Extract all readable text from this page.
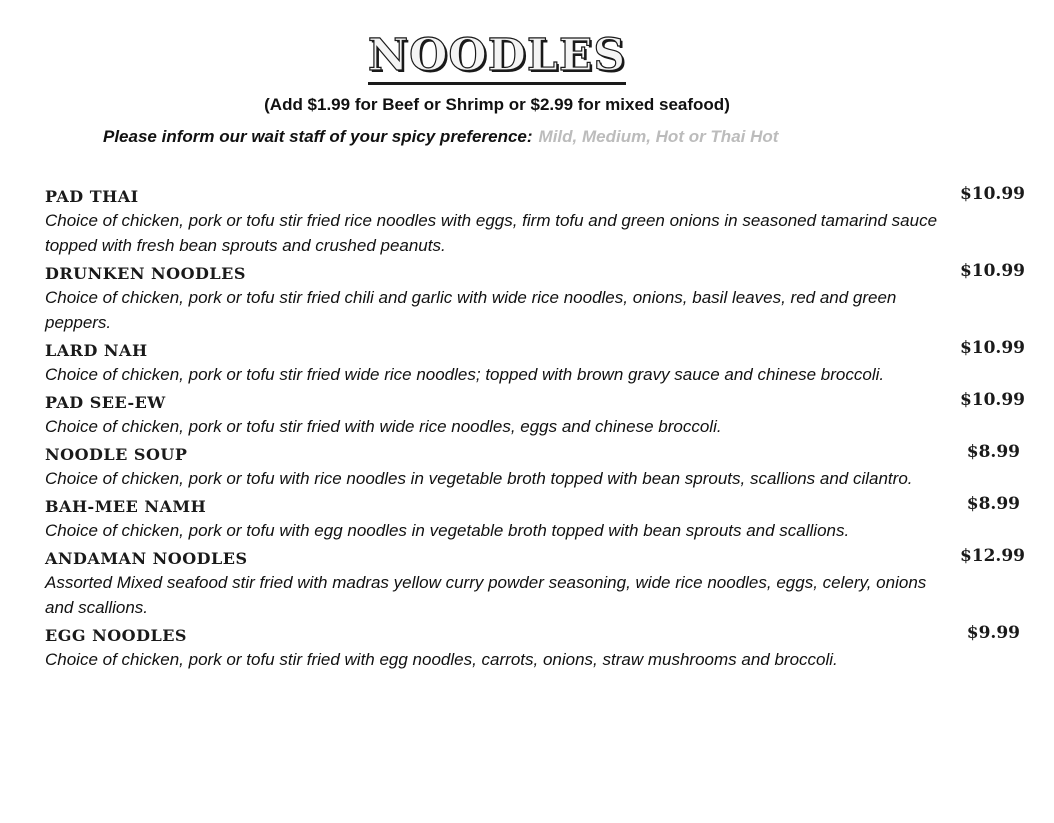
NOODLES

(Add $1.99 for Beef or Shrimp or $2.99 for mixed seafood)

Please inform our wait staff of your spicy preference: Mild, Medium, Hot or Thai Hot

PAD THAI	$10.99
Choice of chicken, pork or tofu stir fried rice noodles with eggs, firm tofu and green onions in seasoned tamarind sauce topped with fresh bean sprouts and crushed peanuts.
DRUNKEN NOODLES	$10.99
Choice of chicken, pork or tofu stir fried chili and garlic with wide rice noodles, onions, basil leaves, red and green peppers.
LARD NAH	$10.99
Choice of chicken, pork or tofu stir fried wide rice noodles; topped with brown gravy sauce and chinese broccoli.
PAD SEE-EW	$10.99
Choice of chicken, pork or tofu stir fried with wide rice noodles, eggs and chinese broccoli.
NOODLE SOUP	$8.99
Choice of chicken, pork or tofu with rice noodles in vegetable broth topped with bean sprouts, scallions and cilantro.
BAH-MEE NAMH	$8.99
Choice of chicken, pork or tofu with egg noodles in vegetable broth topped with bean sprouts and scallions.
ANDAMAN NOODLES	$12.99
Assorted Mixed seafood stir fried with madras yellow curry powder seasoning, wide rice noodles, eggs, celery, onions and scallions.
EGG NOODLES	$9.99
Choice of chicken, pork or tofu stir fried with egg noodles, carrots, onions, straw mushrooms and broccoli.
